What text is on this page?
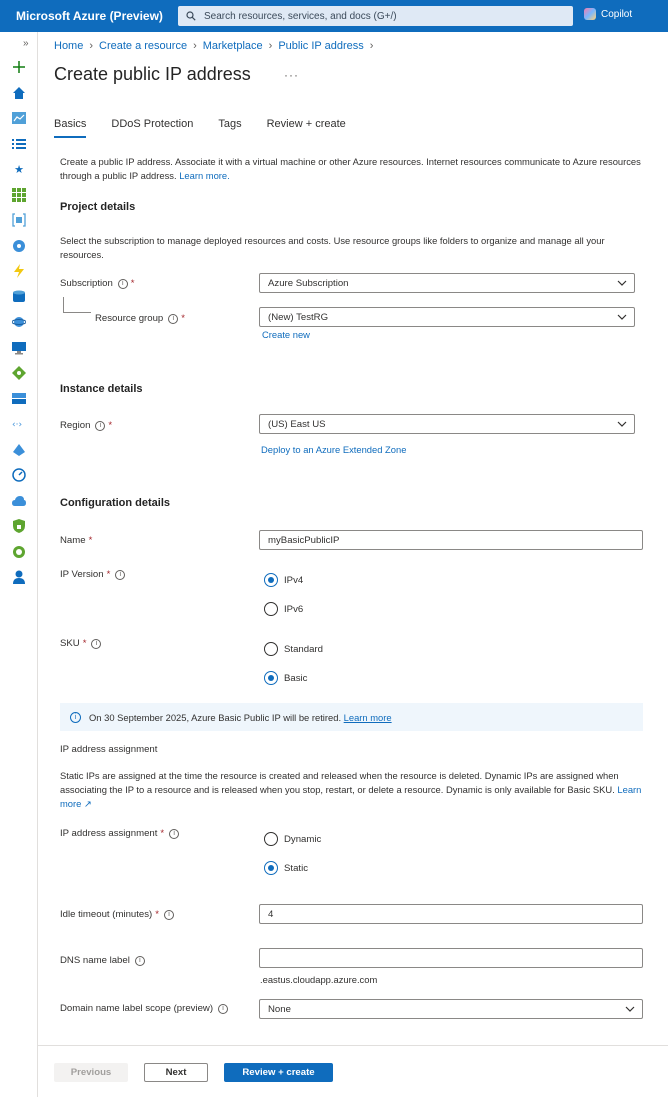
Microsoft Azure (Preview)	Search resources, services, and docs (G+/)	Copilot
»
★
‹·›
Home › Create a resource › Marketplace › Public IP address ›
Create public IP address	···
Basics DDoS Protection Tags Review + create
Create a public IP address. Associate it with a virtual machine or other Azure resources. Internet resources communicate to Azure resources through a public IP address. Learn more.
Project details
Select the subscription to manage deployed resources and costs. Use resource groups like folders to organize and manage all your resources.
Subscription	i *	Azure Subscription
Resource group	i *	(New) TestRG
Create new
Instance details
Region	i *	(US) East US
Deploy to an Azure Extended Zone
Configuration details
Name *	myBasicPublicIP
IP Version *	i
IPv4
IPv6
SKU *	i
Standard
Basic
i	On 30 September 2025, Azure Basic Public IP will be retired.
Learn more
IP address assignment
Static IPs are assigned at the time the resource is created and released when the resource is deleted. Dynamic IPs are assigned when associating the IP to a resource and is released when you stop, restart, or delete a resource. Dynamic is only available for Basic SKU. Learn more ↗
IP address assignment *	i
Dynamic
Static
Idle timeout (minutes) *	i	4
DNS name label	i
.eastus.cloudapp.azure.com
Domain name label scope (preview)	i	None
Previous	Next	Review + create
